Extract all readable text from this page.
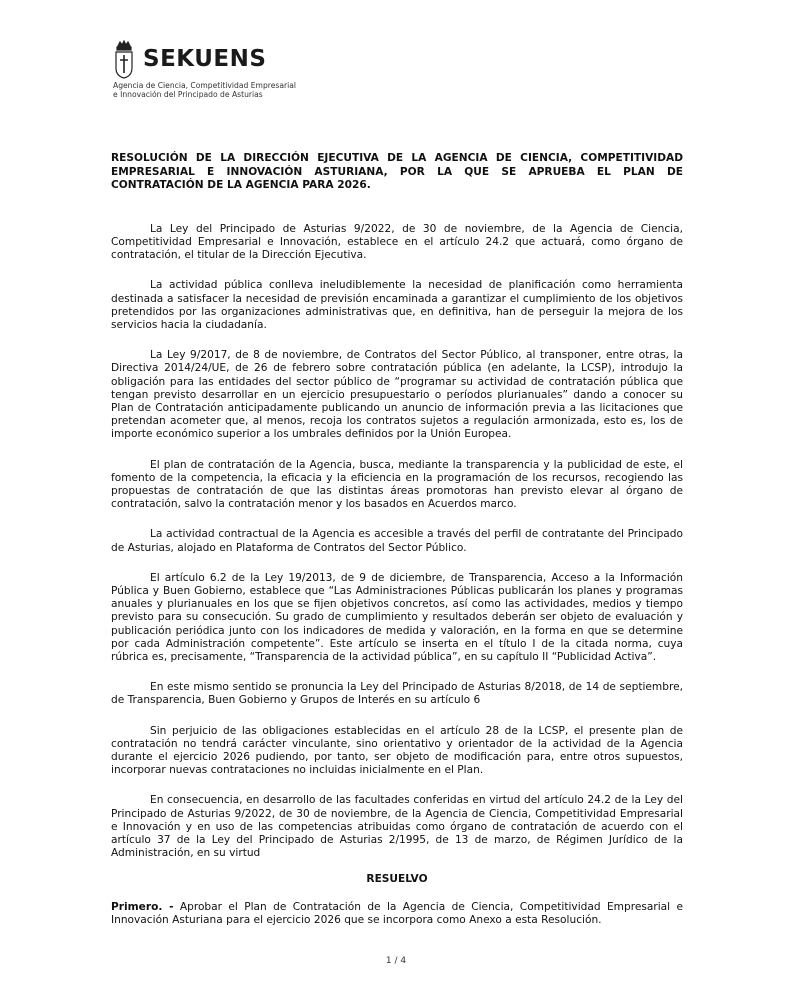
SEKUENS
Agencia de Ciencia, Competitividad Empresarial
e Innovación del Principado de Asturias

RESOLUCIÓN DE LA DIRECCIÓN EJECUTIVA DE LA AGENCIA DE CIENCIA, COMPETITIVIDAD EMPRESARIAL E INNOVACIÓN ASTURIANA, POR LA QUE SE APRUEBA EL PLAN DE CONTRATACIÓN DE LA AGENCIA PARA 2026.

La Ley del Principado de Asturias 9/2022, de 30 de noviembre, de la Agencia de Ciencia, Competitividad Empresarial e Innovación, establece en el artículo 24.2 que actuará, como órgano de contratación, el titular de la Dirección Ejecutiva.

La actividad pública conlleva ineludiblemente la necesidad de planificación como herramienta destinada a satisfacer la necesidad de previsión encaminada a garantizar el cumplimiento de los objetivos pretendidos por las organizaciones administrativas que, en definitiva, han de perseguir la mejora de los servicios hacia la ciudadanía.

La Ley 9/2017, de 8 de noviembre, de Contratos del Sector Público, al transponer, entre otras, la Directiva 2014/24/UE, de 26 de febrero sobre contratación pública (en adelante, la LCSP), introdujo la obligación para las entidades del sector público de “programar su actividad de contratación pública que tengan previsto desarrollar en un ejercicio presupuestario o períodos plurianuales” dando a conocer su Plan de Contratación anticipadamente publicando un anuncio de información previa a las licitaciones que pretendan acometer que, al menos, recoja los contratos sujetos a regulación armonizada, esto es, los de importe económico superior a los umbrales definidos por la Unión Europea.

El plan de contratación de la Agencia, busca, mediante la transparencia y la publicidad de este, el fomento de la competencia, la eficacia y la eficiencia en la programación de los recursos, recogiendo las propuestas de contratación de que las distintas áreas promotoras han previsto elevar al órgano de contratación, salvo la contratación menor y los basados en Acuerdos marco.

La actividad contractual de la Agencia es accesible a través del perfil de contratante del Principado de Asturias, alojado en Plataforma de Contratos del Sector Público.

El artículo 6.2 de la Ley 19/2013, de 9 de diciembre, de Transparencia, Acceso a la Información Pública y Buen Gobierno, establece que “Las Administraciones Públicas publicarán los planes y programas anuales y plurianuales en los que se fijen objetivos concretos, así como las actividades, medios y tiempo previsto para su consecución. Su grado de cumplimiento y resultados deberán ser objeto de evaluación y publicación periódica junto con los indicadores de medida y valoración, en la forma en que se determine por cada Administración competente”. Este artículo se inserta en el título I de la citada norma, cuya rúbrica es, precisamente, “Transparencia de la actividad pública”, en su capítulo II “Publicidad Activa”.

En este mismo sentido se pronuncia la Ley del Principado de Asturias 8/2018, de 14 de septiembre, de Transparencia, Buen Gobierno y Grupos de Interés en su artículo 6

Sin perjuicio de las obligaciones establecidas en el artículo 28 de la LCSP, el presente plan de contratación no tendrá carácter vinculante, sino orientativo y orientador de la actividad de la Agencia durante el ejercicio 2026 pudiendo, por tanto, ser objeto de modificación para, entre otros supuestos, incorporar nuevas contrataciones no incluidas inicialmente en el Plan.

En consecuencia, en desarrollo de las facultades conferidas en virtud del artículo 24.2 de la Ley del Principado de Asturias 9/2022, de 30 de noviembre, de la Agencia de Ciencia, Competitividad Empresarial e Innovación y en uso de las competencias atribuidas como órgano de contratación de acuerdo con el artículo 37 de la Ley del Principado de Asturias 2/1995, de 13 de marzo, de Régimen Jurídico de la Administración, en su virtud

RESUELVO

Primero. - Aprobar el Plan de Contratación de la Agencia de Ciencia, Competitividad Empresarial e Innovación Asturiana para el ejercicio 2026 que se incorpora como Anexo a esta Resolución.

1 / 4
